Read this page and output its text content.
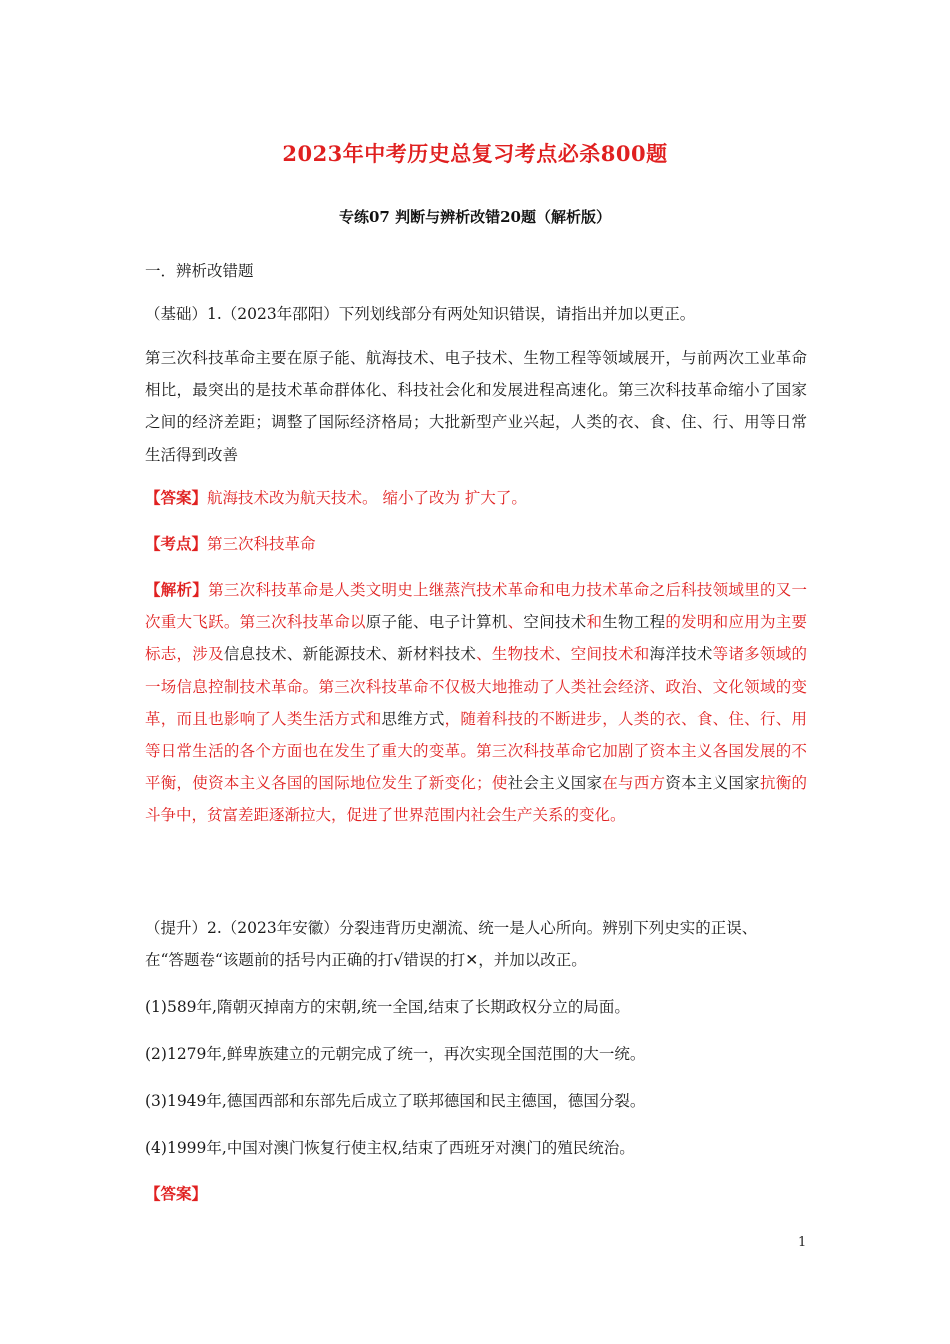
2023年中考历史总复习考点必杀800题
专练07 判断与辨析改错20题（解析版）
一．辨析改错题
（基础）1.（2023年邵阳）下列划线部分有两处知识错误，请指出并加以更正。
第三次科技革命主要在原子能、航海技术、电子技术、生物工程等领域展开，与前两次工业革命相比，最突出的是技术革命群体化、科技社会化和发展进程高速化。第三次科技革命缩小了国家之间的经济差距；调整了国际经济格局；大批新型产业兴起，人类的衣、食、住、行、用等日常生活得到改善
【答案】航海技术改为航天技术。 缩小了改为 扩大了。
【考点】第三次科技革命
【解析】第三次科技革命是人类文明史上继蒸汽技术革命和电力技术革命之后科技领域里的又一次重大飞跃。第三次科技革命以原子能、电子计算机、空间技术和生物工程的发明和应用为主要标志，涉及信息技术、新能源技术、新材料技术、生物技术、空间技术和海洋技术等诸多领域的一场信息控制技术革命。第三次科技革命不仅极大地推动了人类社会经济、政治、文化领域的变革，而且也影响了人类生活方式和思维方式，随着科技的不断进步，人类的衣、食、住、行、用等日常生活的各个方面也在发生了重大的变革。第三次科技革命它加剧了资本主义各国发展的不平衡，使资本主义各国的国际地位发生了新变化；使社会主义国家在与西方资本主义国家抗衡的斗争中，贫富差距逐渐拉大，促进了世界范围内社会生产关系的变化。
（提升）2.（2023年安徽）分裂违背历史潮流、统一是人心所向。辨别下列史实的正误、
在“答题卷“该题前的括号内正确的打√错误的打✕，并加以改正。
(1)589年,隋朝灭掉南方的宋朝,统一全国,结束了长期政权分立的局面。
(2)1279年,鲜卑族建立的元朝完成了统一，再次实现全国范围的大一统。
(3)1949年,德国西部和东部先后成立了联邦德国和民主德国，德国分裂。
(4)1999年,中国对澳门恢复行使主权,结束了西班牙对澳门的殖民统治。
【答案】
1
